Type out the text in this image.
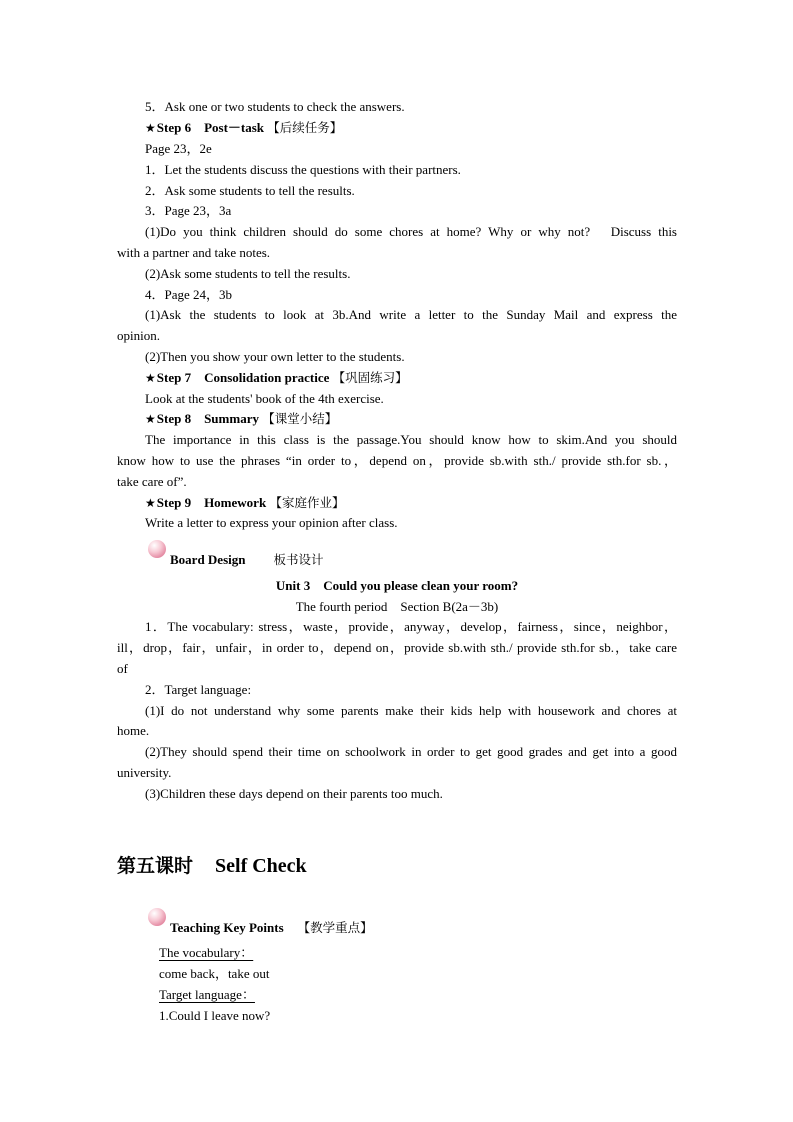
5．Ask one or two students to check the answers.
★Step 6　Post－task 【后续任务】
Page 23，2e
1．Let the students discuss the questions with their partners.
2．Ask some students to tell the results.
3．Page 23，3a
(1)Do you think children should do some chores at home? Why or why not?　Discuss this
with a partner and take notes.
(2)Ask some students to tell the results.
4．Page 24，3b
(1)Ask the students to look at 3b.And write a letter to the Sunday Mail and express the
opinion.
(2)Then you show your own letter to the students.
★Step 7　Consolidation practice 【巩固练习】
Look at the students' book of the 4th exercise.
★Step 8　Summary 【课堂小结】
The importance in this class is the passage.You should know how to skim.And you should
know how to use the phrases “in order to，depend on，provide sb.with sth./ provide sth.for sb.，
take care of”.
★Step 9　Homework 【家庭作业】
Write a letter to express your opinion after class.
Board Design 板书设计
Unit 3　Could you please clean your room?
The fourth period　Section B(2a－3b)
1．The vocabulary: stress，waste，provide，anyway，develop，fairness，since，neighbor，
ill，drop，fair，unfair，in order to，depend on，provide sb.with sth./ provide sth.for sb.，take care
of
2．Target language:
(1)I do not understand why some parents make their kids help with housework and chores at
home.
(2)They should spend their time on schoolwork in order to get good grades and get into a good
university.
(3)Children these days depend on their parents too much.
第五课时 Self Check
Teaching Key Points 【教学重点】
The vocabulary：
come back，take out
Target language：
1.Could I leave now?
